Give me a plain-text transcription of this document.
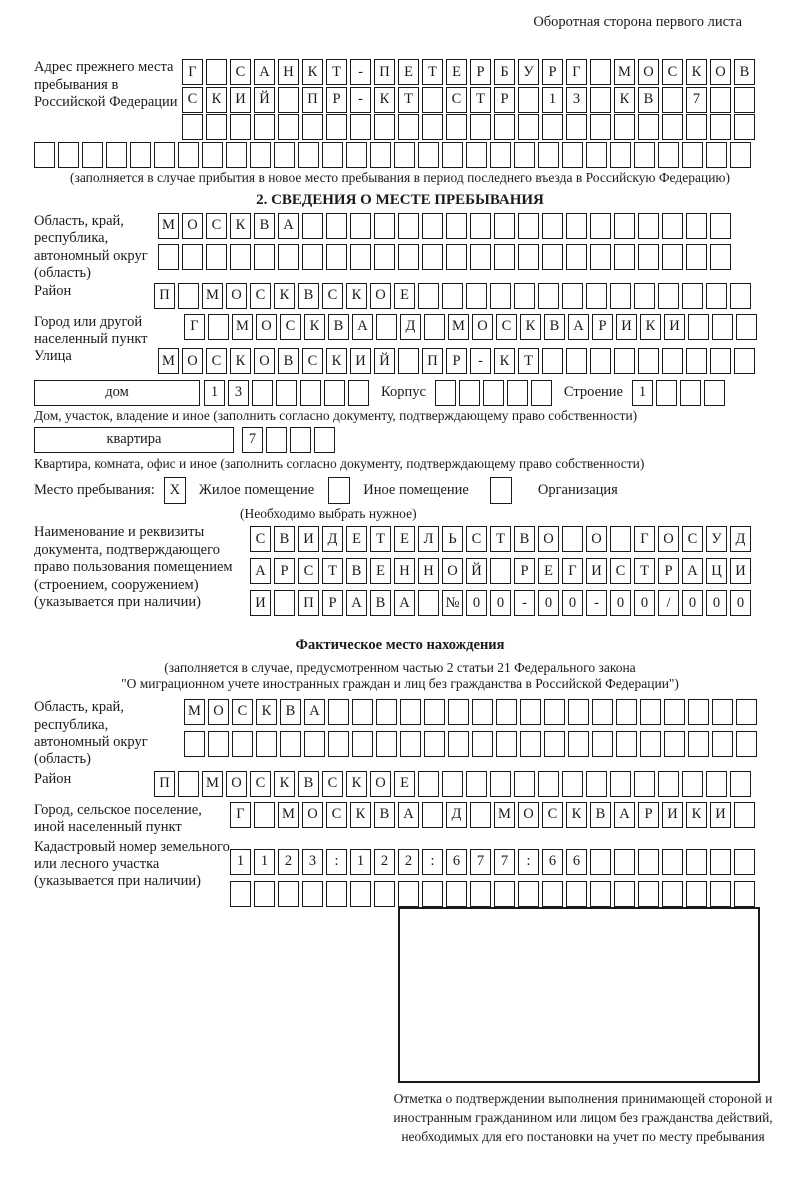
Оборотная сторона первого листа
Адрес прежнего места пребывания в Российской Федерации
Г	С А Н К	Т	-	П Е	Т	Е	Р	Б	У	Р	Г	М О С К О В
С К И Й	П	Р	-	К	Т	С	Т	Р	1	3	К В	7
(заполняется в случае прибытия в новое место пребывания в период последнего въезда в Российскую Федерацию)
2. СВЕДЕНИЯ О МЕСТЕ ПРЕБЫВАНИЯ
Область, край, республика, автономный округ (область)
М О С К В А
Район	П	М О С К В С К О Е
Город или другой населенный пункт
Г	М О С К В А	Д	М О С К В А	Р	И К И
Улица	М О С К О В С К И Й	П	Р	-	К	Т
дом	1	3	Корпус	Строение	1
Дом, участок, владение и иное (заполнить согласно документу, подтверждающему право собственности)
квартира	7
Квартира, комната, офис и иное (заполнить согласно документу, подтверждающему право собственности)
Место пребывания: X Жилое помещение	Иное помещение	Организация
(Необходимо выбрать нужное)
Наименование и реквизиты документа, подтверждающего право пользования помещением (строением, сооружением) (указывается при наличии)
С В И Д	Е	Т	Е	Л	Ь	С	Т	В О	О	Г	О С У Д
А	Р	С	Т	В	Е Н Н О Й	Р	Е	Г	И С	Т	Р	А Ц И
И	П	Р	А В А	№ 0	0	-	0	0	-	0	0	/	0	0	0
Фактическое место нахождения
(заполняется в случае, предусмотренном частью 2 статьи 21 Федерального закона
"О миграционном учете иностранных граждан и лиц без гражданства в Российской Федерации")
Область, край, республика, автономный округ (область)
М О С К В А
Район	П	М О С К В С К О Е
Город, сельское поселение, иной населенный пункт
Г	М О С К В А	Д	М О С К В А	Р	И К И
Кадастровый номер земельного или лесного участка (указывается при наличии)
1	1	2	3	:	1	2	2	:	6	7	7	:	6	6
Отметка о подтверждении выполнения принимающей стороной и иностранным гражданином или лицом без гражданства действий, необходимых для его постановки на учет по месту пребывания
